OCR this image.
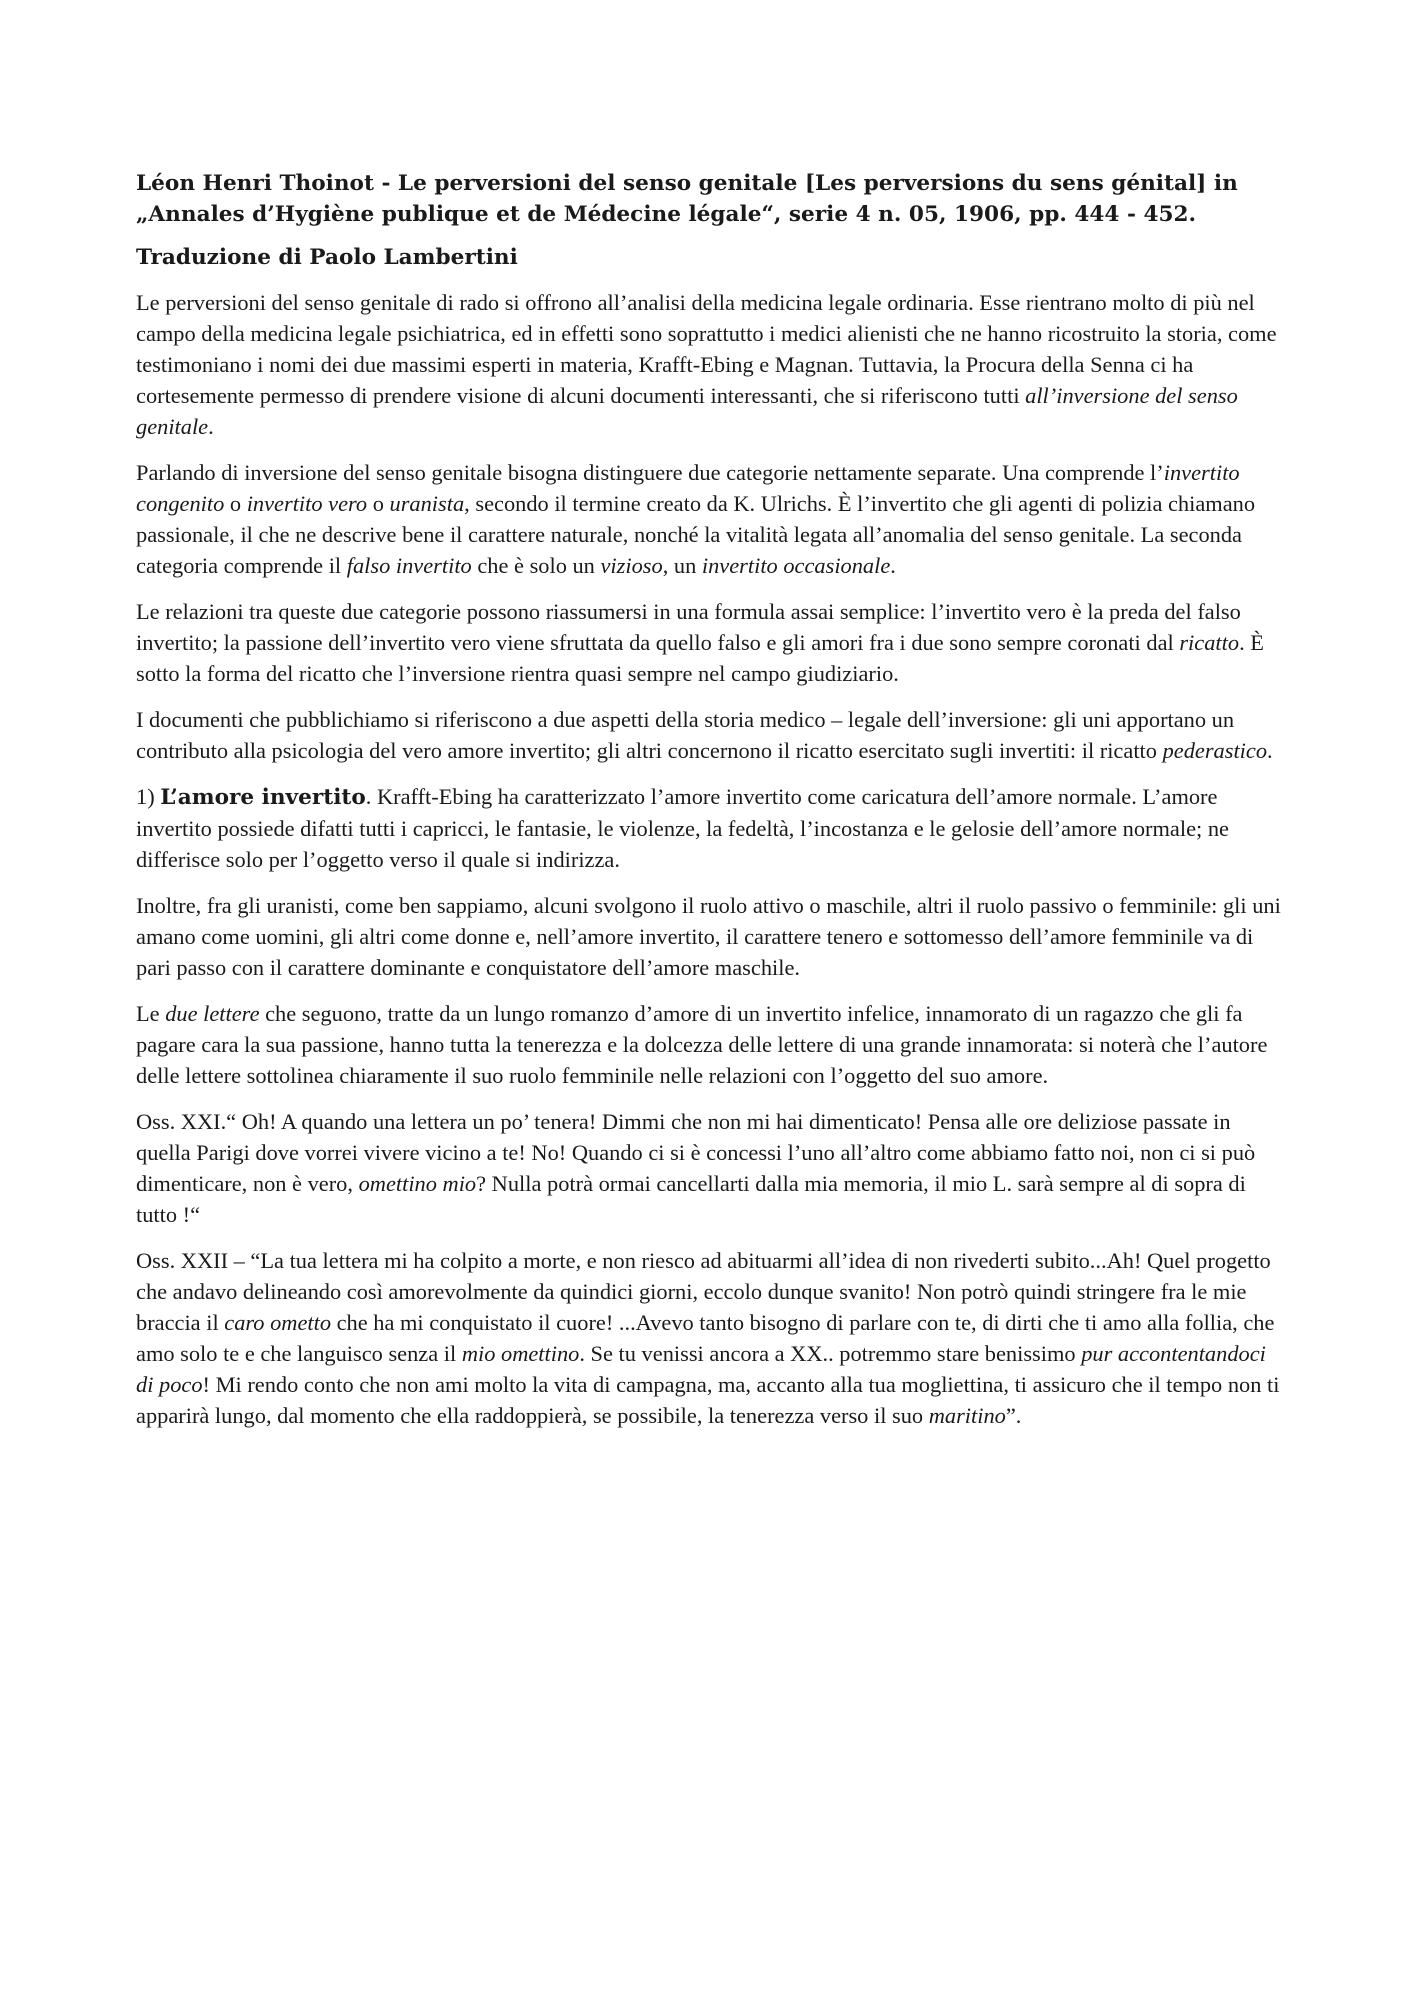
Léon Henri Thoinot - Le perversioni del senso genitale [Les perversions du sens génital] in „Annales d’Hygiène publique et de Médecine légale“, serie 4 n. 05, 1906, pp. 444 - 452.
Traduzione di Paolo Lambertini

Le perversioni del senso genitale di rado si offrono all’analisi della medicina legale ordinaria. Esse rientrano molto di più nel campo della medicina legale psichiatrica, ed in effetti sono soprattutto i medici alienisti che ne hanno ricostruito la storia, come testimoniano i nomi dei due massimi esperti in materia, Krafft-Ebing e Magnan. Tuttavia, la Procura della Senna ci ha cortesemente permesso di prendere visione di alcuni documenti interessanti, che si riferiscono tutti all’inversione del senso genitale.

Parlando di inversione del senso genitale bisogna distinguere due categorie nettamente separate. Una comprende l’invertito congenito o invertito vero o uranista, secondo il termine creato da K. Ulrichs. È l’invertito che gli agenti di polizia chiamano passionale, il che ne descrive bene il carattere naturale, nonché la vitalità legata all’anomalia del senso genitale. La seconda categoria comprende il falso invertito che è solo un vizioso, un invertito occasionale.

Le relazioni tra queste due categorie possono riassumersi in una formula assai semplice: l’invertito vero è la preda del falso invertito; la passione dell’invertito vero viene sfruttata da quello falso e gli amori fra i due sono sempre coronati dal ricatto. È sotto la forma del ricatto che l’inversione rientra quasi sempre nel campo giudiziario.

I documenti che pubblichiamo si riferiscono a due aspetti della storia medico – legale dell’inversione: gli uni apportano un contributo alla psicologia del vero amore invertito; gli altri concernono il ricatto esercitato sugli invertiti: il ricatto pederastico.

1) L’amore invertito. Krafft-Ebing ha caratterizzato l’amore invertito come caricatura dell’amore normale. L’amore invertito possiede difatti tutti i capricci, le fantasie, le violenze, la fedeltà, l’incostanza e le gelosie dell’amore normale; ne differisce solo per l’oggetto verso il quale si indirizza.

Inoltre, fra gli uranisti, come ben sappiamo, alcuni svolgono il ruolo attivo o maschile, altri il ruolo passivo o femminile: gli uni amano come uomini, gli altri come donne e, nell’amore invertito, il carattere tenero e sottomesso dell’amore femminile va di pari passo con il carattere dominante e conquistatore dell’amore maschile.

Le due lettere che seguono, tratte da un lungo romanzo d’amore di un invertito infelice, innamorato di un ragazzo che gli fa pagare cara la sua passione, hanno tutta la tenerezza e la dolcezza delle lettere di una grande innamorata: si noterà che l’autore delle lettere sottolinea chiaramente il suo ruolo femminile nelle relazioni con l’oggetto del suo amore.

Oss. XXI.“ Oh! A quando una lettera un po’ tenera! Dimmi che non mi hai dimenticato! Pensa alle ore deliziose passate in quella Parigi dove vorrei vivere vicino a te! No! Quando ci si è concessi l’uno all’altro come abbiamo fatto noi, non ci si può dimenticare, non è vero, omettino mio? Nulla potrà ormai cancellarti dalla mia memoria, il mio L. sarà sempre al di sopra di tutto !“

Oss. XXII – “La tua lettera mi ha colpito a morte, e non riesco ad abituarmi all’idea di non rivederti subito...Ah! Quel progetto che andavo delineando così amorevolmente da quindici giorni, eccolo dunque svanito! Non potrò quindi stringere fra le mie braccia il caro ometto che ha mi conquistato il cuore! ...Avevo tanto bisogno di parlare con te, di dirti che ti amo alla follia, che amo solo te e che languisco senza il mio omettino. Se tu venissi ancora a XX.. potremmo stare benissimo pur accontentandoci di poco! Mi rendo conto che non ami molto la vita di campagna, ma, accanto alla tua mogliettina, ti assicuro che il tempo non ti apparirà lungo, dal momento che ella raddoppierà, se possibile, la tenerezza verso il suo maritino”.
